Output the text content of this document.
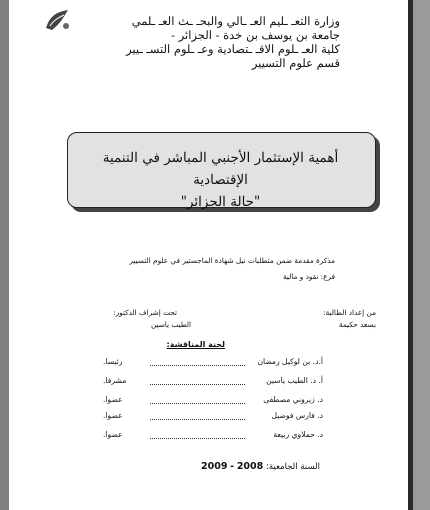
وزارة التعـ ـليم العـ ـالي والبحـ ـث العـ ـلمي
جامعة بن يوسف بن خدة - الجزائر -
كلية العـ ـلوم الاقـ ـتصادية وعـ ـلوم التسـ ـيير
قسم علوم التسيير
أهمية الإستثمار الأجنبي المباشر في التنمية الإقتصادية
"حالة الجزائر"
مذكرة مقدمة ضمن متطلبات نيل شهادة الماجستير في علوم التسيير
فرع: نقود و مالية
من إعداد الطالبة:
بسعد حكيمة
تحت إشراف الدكتور:
الطيب ياسين
لجنة المناقشة:
أ.د. بن لوكيل رمضان
رئيسا.
أ. د. الطيب ياسين
مشرفا.
د. زيروني مصطفى
عضوا.
د. فارس فوضيل
عضوا.
د. حملاوي ربيعة
عضوا.
السنة الجامعية: 2008 - 2009
